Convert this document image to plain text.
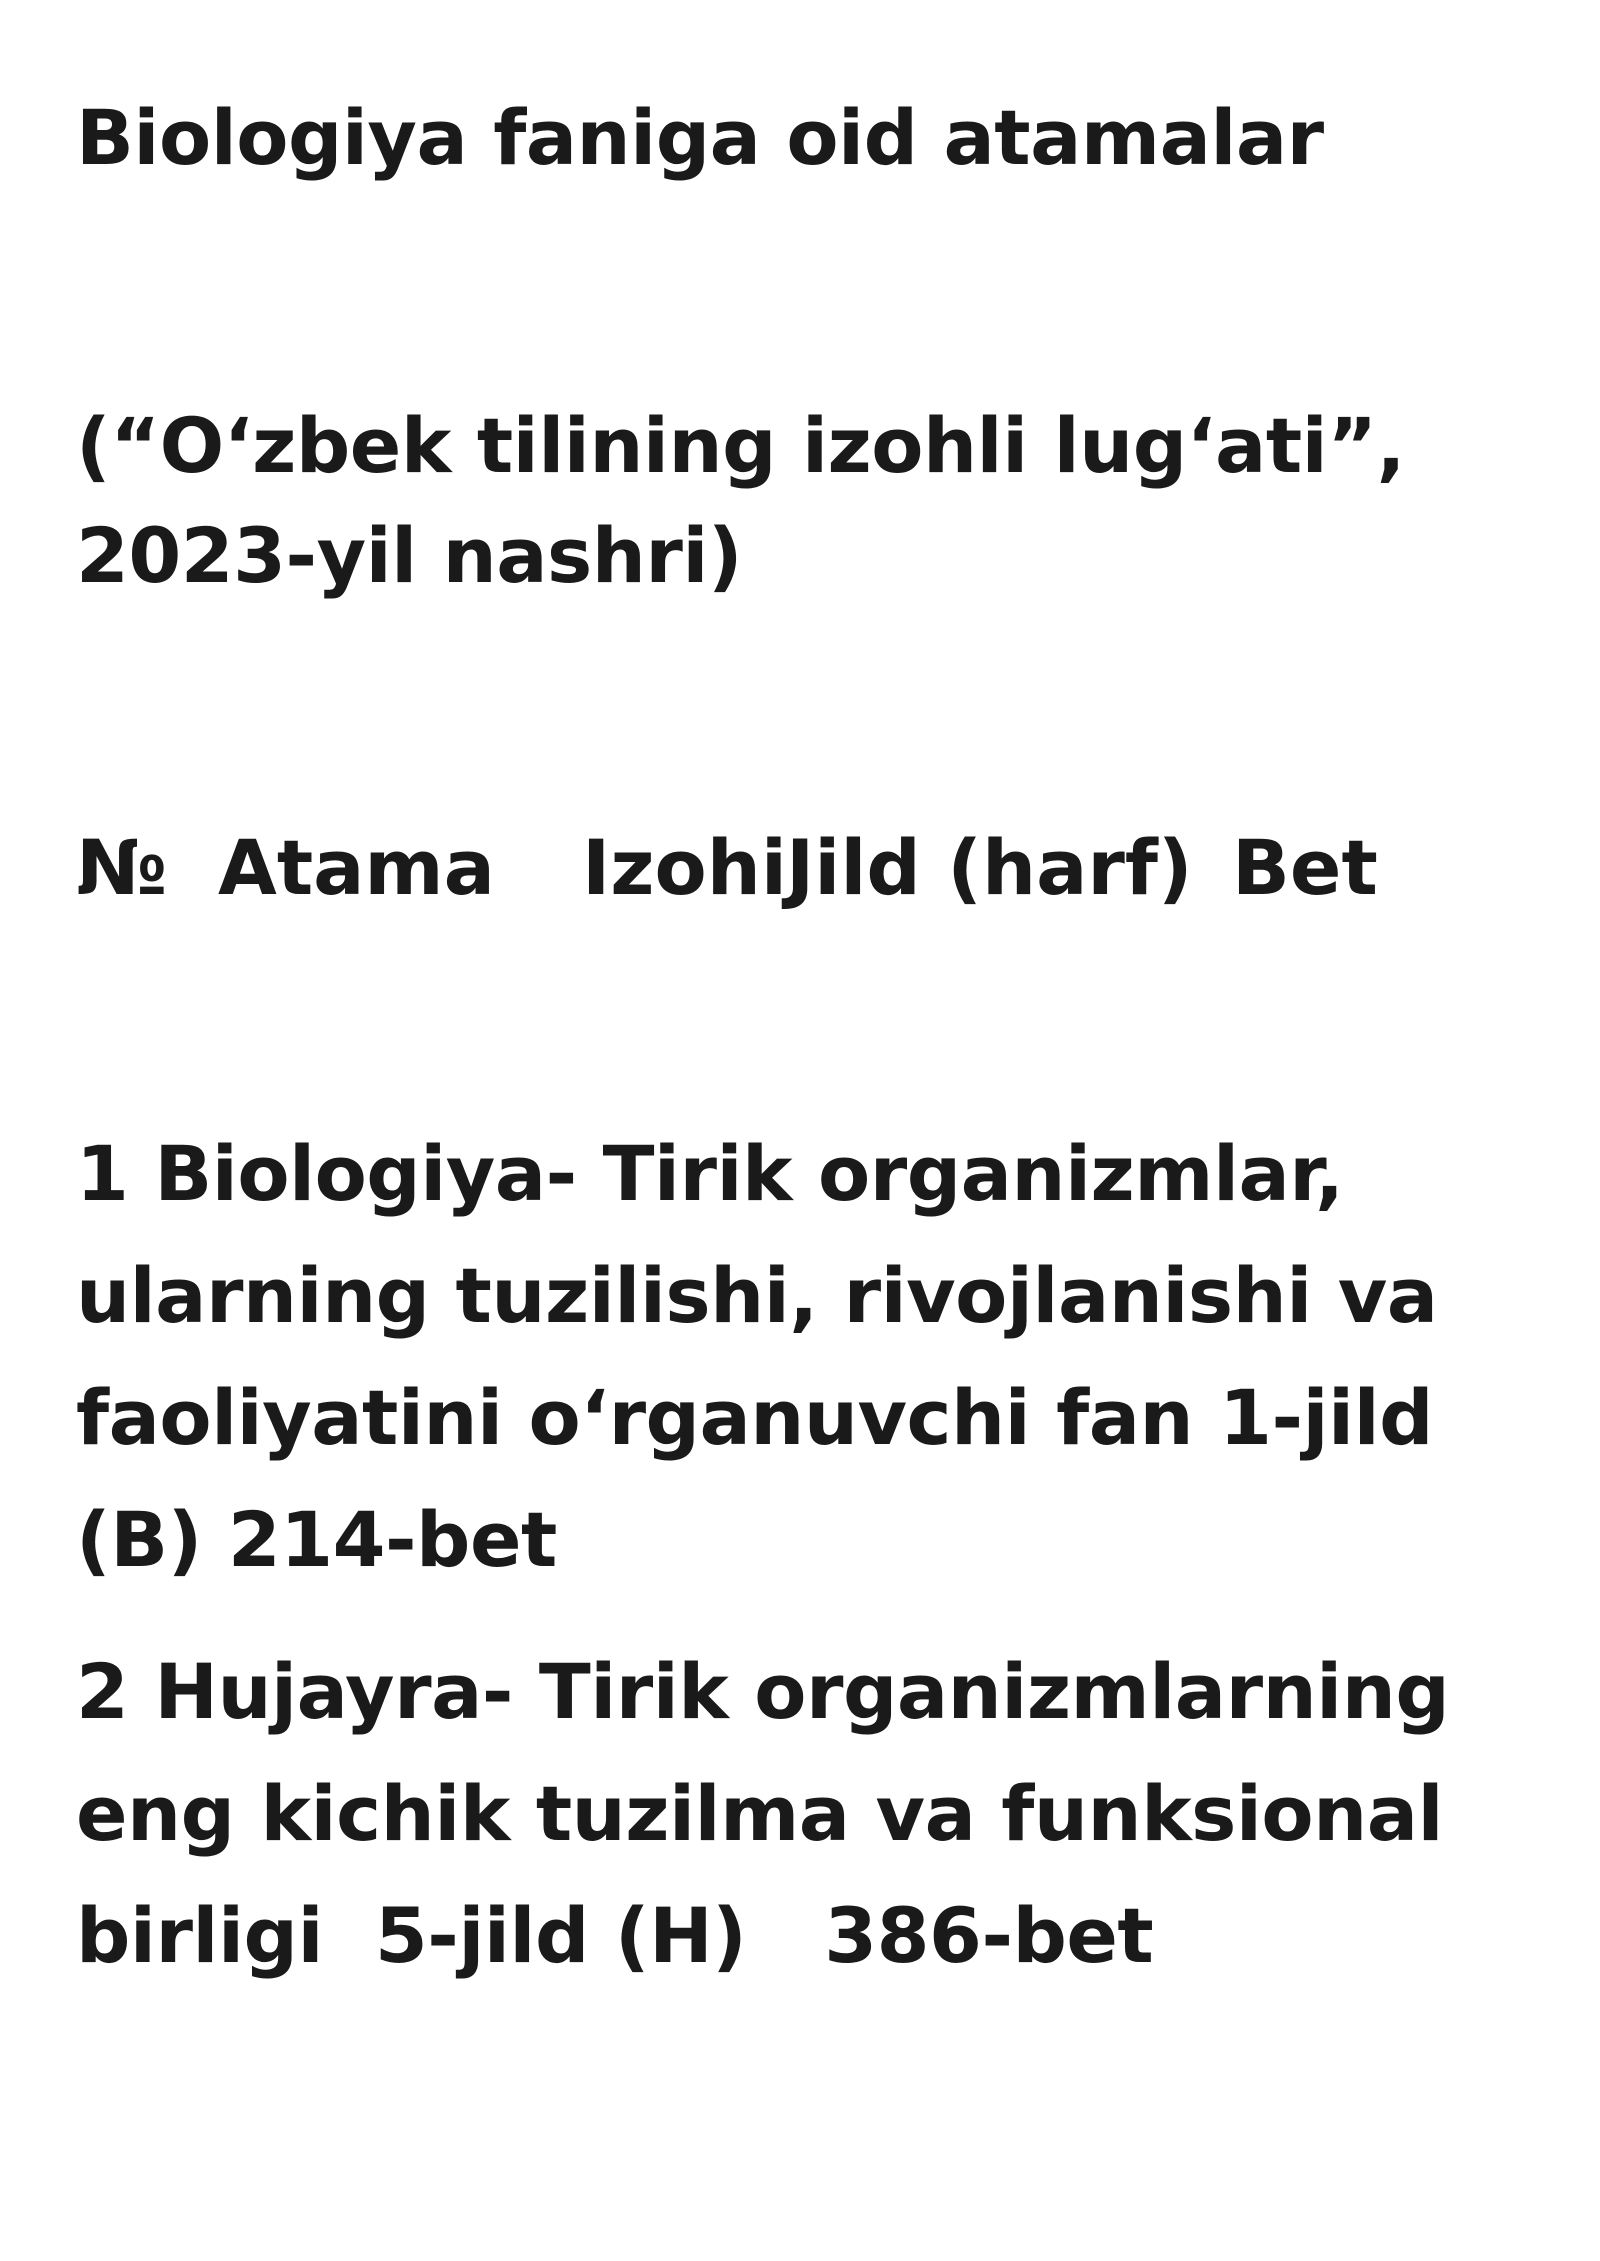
Biologiya faniga oid atamalar

(“O‘zbek tilining izohli lug‘ati”,

2023-yil nashri)

№

Atama

Izohi

Jild (harf)

Bet

1 Biologiya- Tirik organizmlar,

ularning tuzilishi, rivojlanishi va

faoliyatini o‘rganuvchi fan 1-jild

(B) 214-bet

2 Hujayra- Tirik organizmlarning

eng kichik tuzilma va funksional

birligi  5-jild (H)   386-bet
